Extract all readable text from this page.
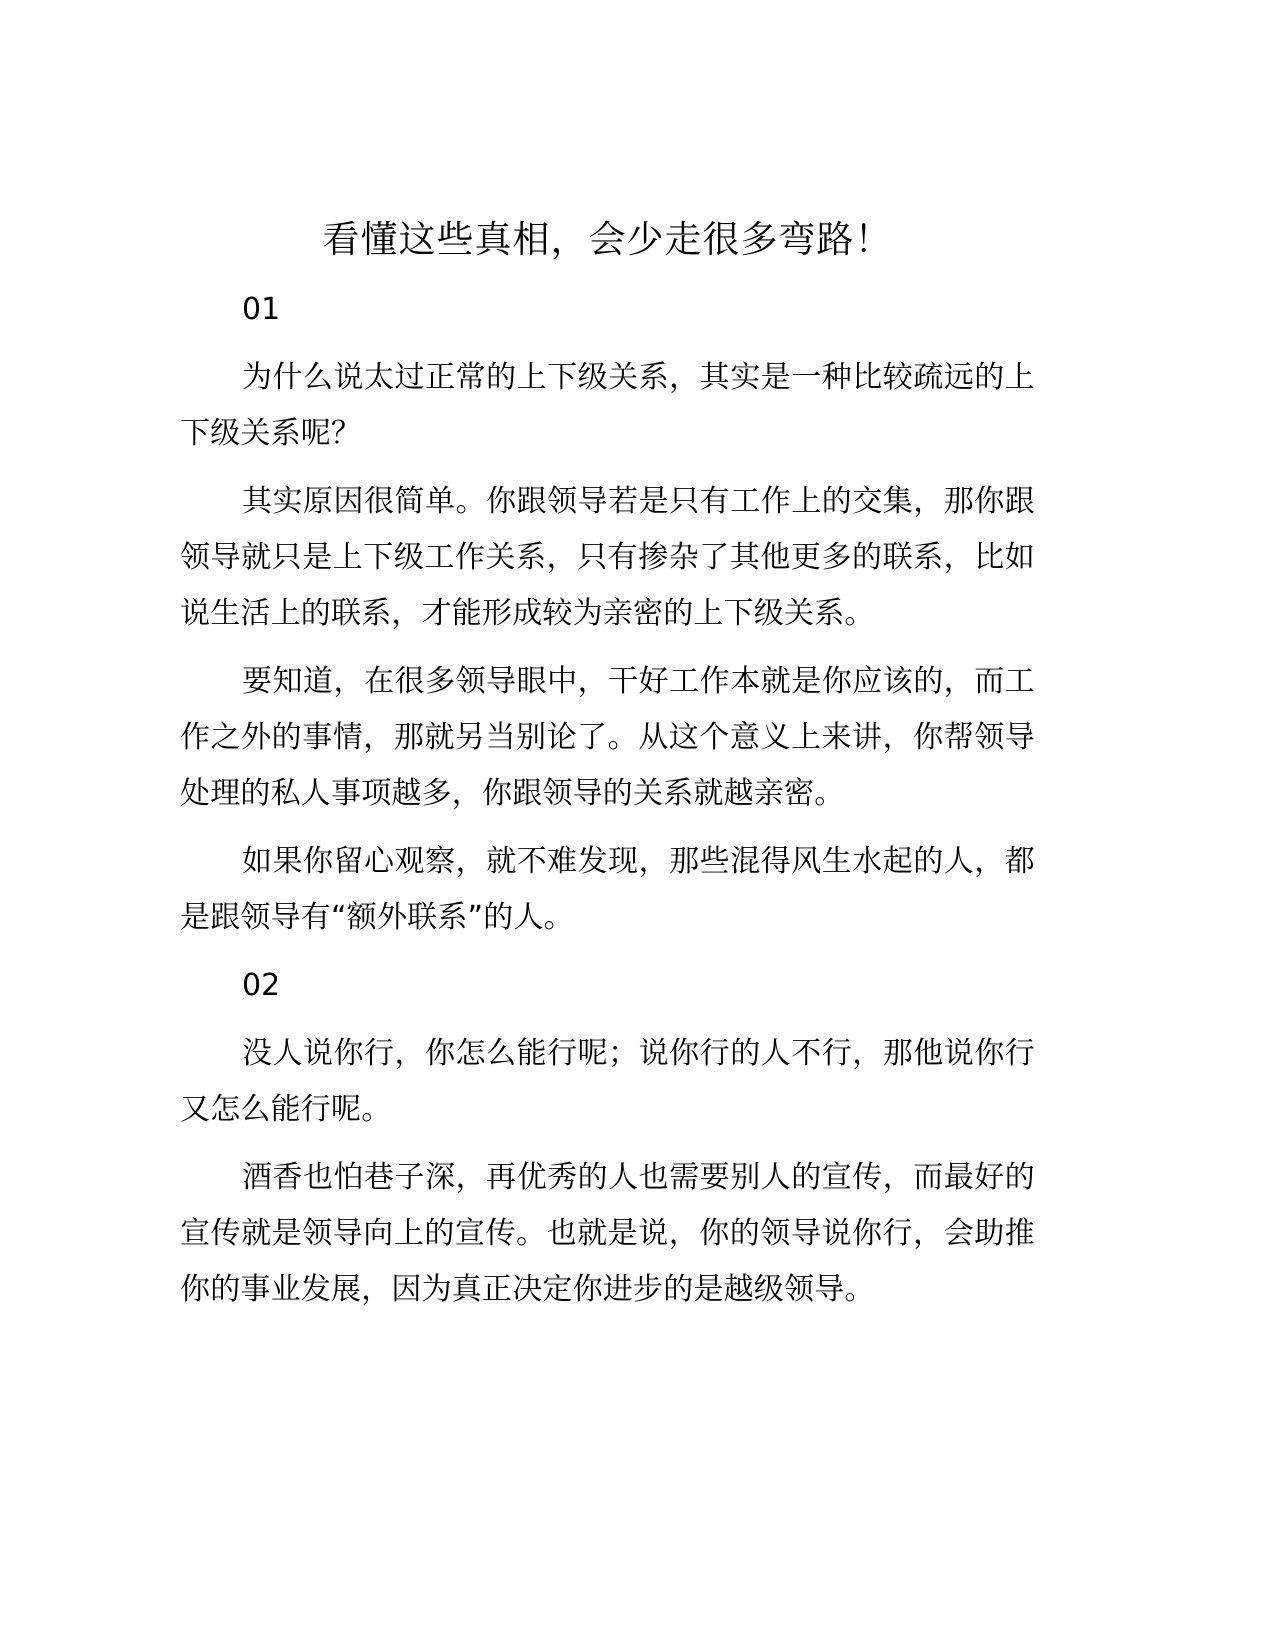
看懂这些真相，会少走很多弯路！

01

为什么说太过正常的上下级关系，其实是一种比较疏远的上下级关系呢？

其实原因很简单。你跟领导若是只有工作上的交集，那你跟领导就只是上下级工作关系，只有掺杂了其他更多的联系，比如说生活上的联系，才能形成较为亲密的上下级关系。

要知道，在很多领导眼中，干好工作本就是你应该的，而工作之外的事情，那就另当别论了。从这个意义上来讲，你帮领导处理的私人事项越多，你跟领导的关系就越亲密。

如果你留心观察，就不难发现，那些混得风生水起的人，都是跟领导有“额外联系”的人。

02

没人说你行，你怎么能行呢；说你行的人不行，那他说你行又怎么能行呢。

酒香也怕巷子深，再优秀的人也需要别人的宣传，而最好的宣传就是领导向上的宣传。也就是说，你的领导说你行，会助推你的事业发展，因为真正决定你进步的是越级领导。
